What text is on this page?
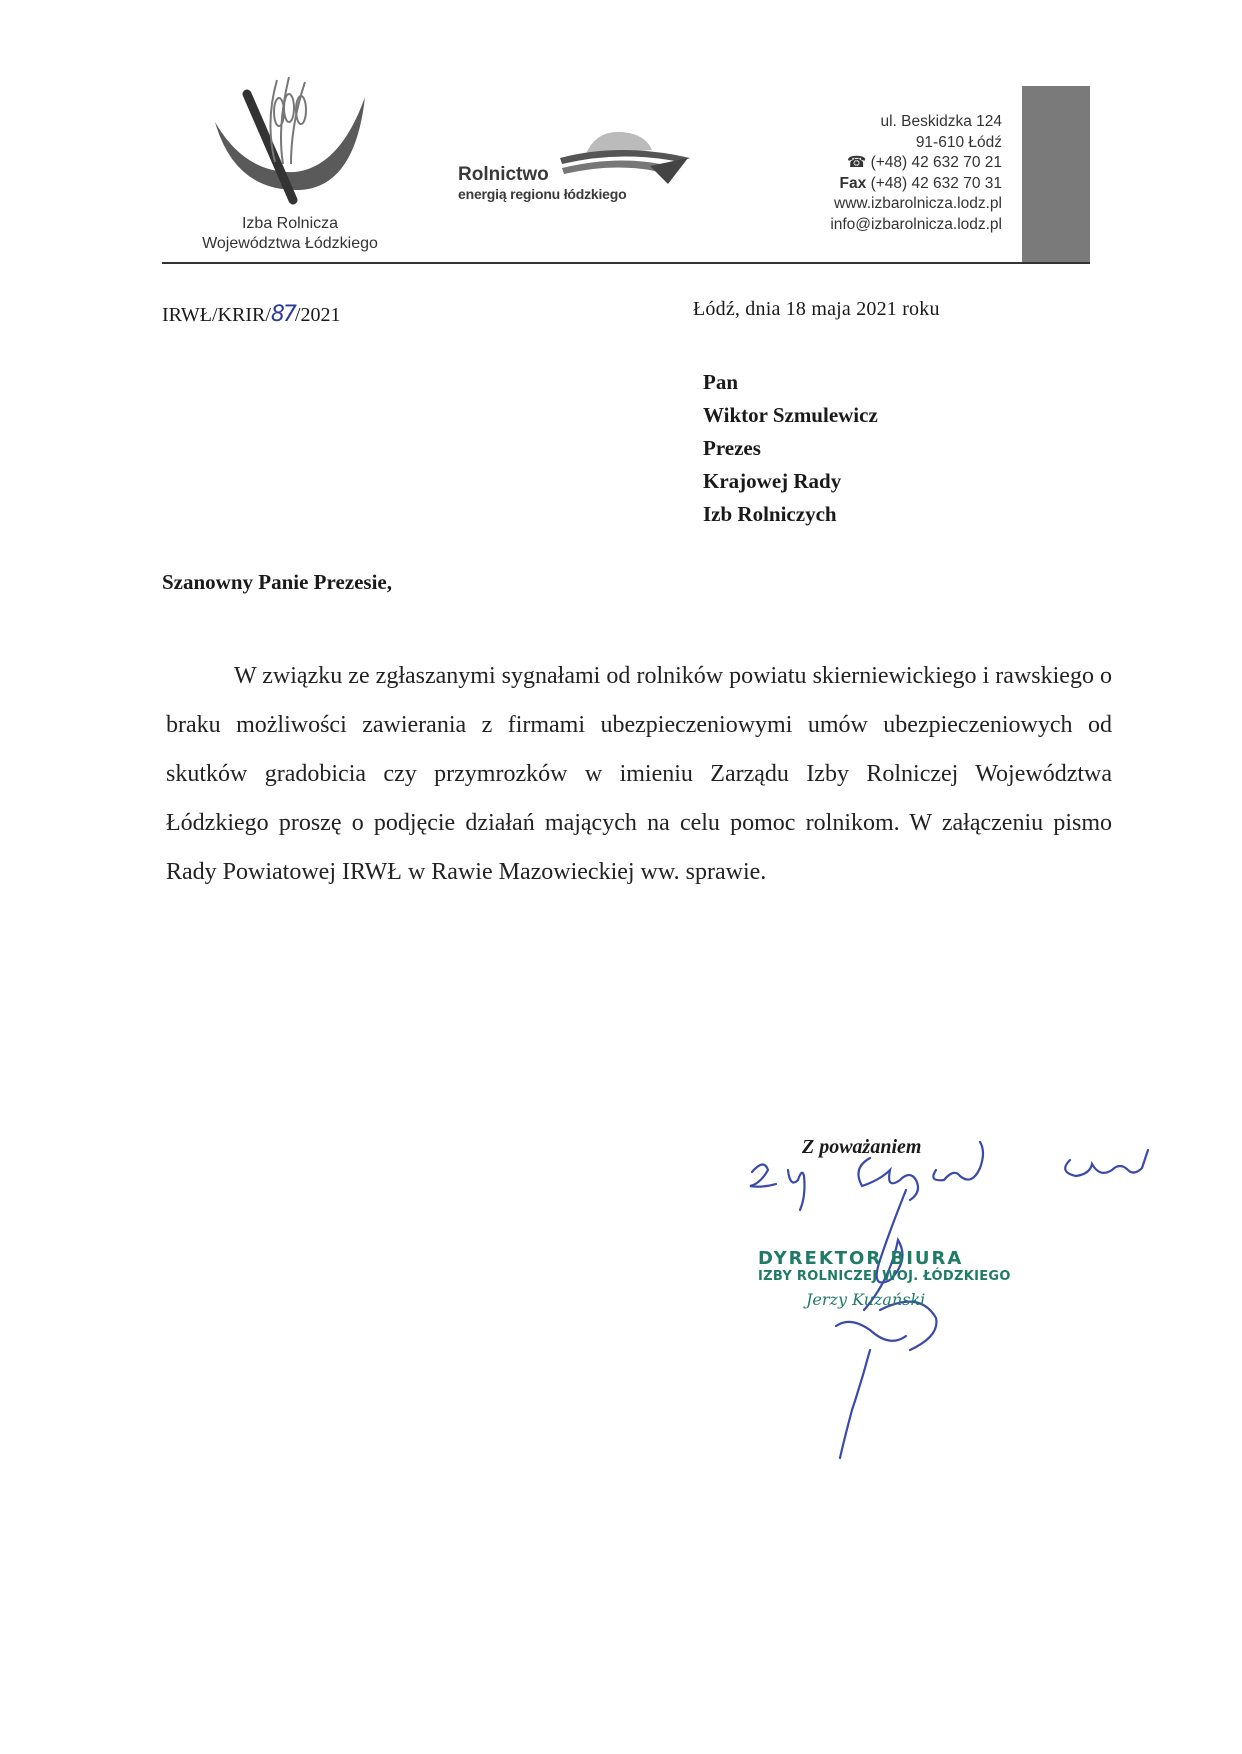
Izba Rolnicza
Województwa Łódzkiego
Rolnictwo
energią regionu łódzkiego
ul. Beskidzka 124
91-610 Łódź
☎ (+48) 42 632 70 21
Fax (+48) 42 632 70 31
www.izbarolnicza.lodz.pl
info@izbarolnicza.lodz.pl
IRWŁ/KRIR/87/2021	Łódź, dnia 18 maja 2021 roku
Pan
Wiktor Szmulewicz
Prezes
Krajowej Rady
Izb Rolniczych
Szanowny Panie Prezesie,

W związku ze zgłaszanymi sygnałami od rolników powiatu skierniewickiego i rawskiego o braku możliwości zawierania z firmami ubezpieczeniowymi umów ubezpieczeniowych od skutków gradobicia czy przymrozków w imieniu Zarządu Izby Rolniczej Województwa Łódzkiego proszę o podjęcie działań mających na celu pomoc rolnikom. W załączeniu pismo Rady Powiatowej IRWŁ w Rawie Mazowieckiej ww. sprawie.

Z poważaniem
DYREKTOR BIURA
IZBY ROLNICZEJ WOJ. ŁÓDZKIEGO
Jerzy Kuzański
